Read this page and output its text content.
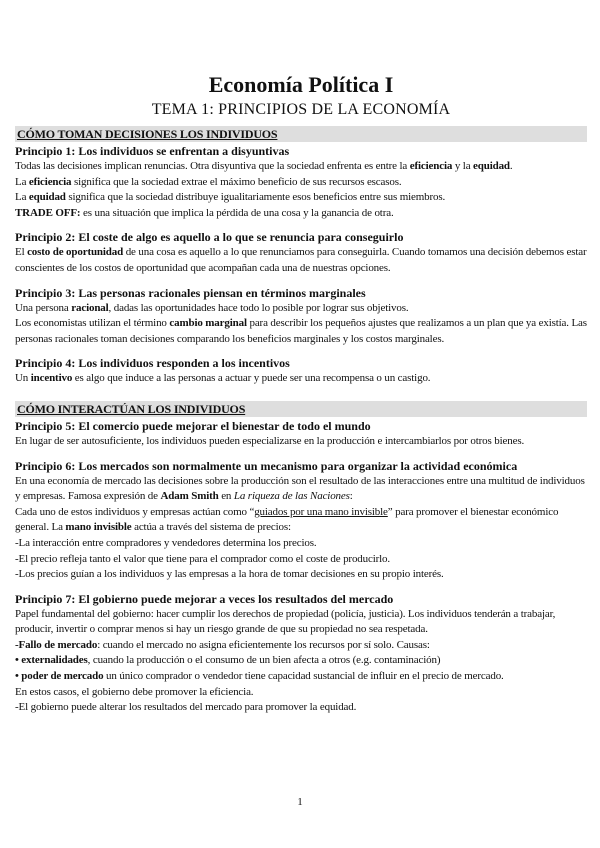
Economía Política I
TEMA 1: PRINCIPIOS DE LA ECONOMÍA
CÓMO TOMAN DECISIONES LOS INDIVIDUOS
Principio 1: Los individuos se enfrentan a disyuntivas

Todas las decisiones implican renuncias. Otra disyuntiva que la sociedad enfrenta es entre la eficiencia y la equidad.

La eficiencia significa que la sociedad extrae el máximo beneficio de sus recursos escasos.

La equidad significa que la sociedad distribuye igualitariamente esos beneficios entre sus miembros.

TRADE OFF: es una situación que implica la pérdida de una cosa y la ganancia de otra.

Principio 2: El coste de algo es aquello a lo que se renuncia para conseguirlo

El costo de oportunidad de una cosa es aquello a lo que renunciamos para conseguirla. Cuando tomamos una decisión debemos estar conscientes de los costos de oportunidad que acompañan cada una de nuestras opciones.

Principio 3: Las personas racionales piensan en términos marginales

Una persona racional, dadas las oportunidades hace todo lo posible por lograr sus objetivos.

Los economistas utilizan el término cambio marginal para describir los pequeños ajustes que realizamos a un plan que ya existía. Las personas racionales toman decisiones comparando los beneficios marginales y los costos marginales.

Principio 4: Los individuos responden a los incentivos

Un incentivo es algo que induce a las personas a actuar y puede ser una recompensa o un castigo.

CÓMO INTERACTÚAN LOS INDIVIDUOS
Principio 5: El comercio puede mejorar el bienestar de todo el mundo

En lugar de ser autosuficiente, los individuos pueden especializarse en la producción e intercambiarlos por otros bienes.

Principio 6: Los mercados son normalmente un mecanismo para organizar la actividad económica

En una economía de mercado las decisiones sobre la producción son el resultado de las interacciones entre una multitud de individuos y empresas. Famosa expresión de Adam Smith en La riqueza de las Naciones:

Cada uno de estos individuos y empresas actúan como “guiados por una mano invisible” para promover el bienestar económico general. La mano invisible actúa a través del sistema de precios:

-La interacción entre compradores y vendedores determina los precios.

-El precio refleja tanto el valor que tiene para el comprador como el coste de producirlo.

-Los precios guían a los individuos y las empresas a la hora de tomar decisiones en su propio interés.

Principio 7: El gobierno puede mejorar a veces los resultados del mercado

Papel fundamental del gobierno: hacer cumplir los derechos de propiedad (policía, justicia). Los individuos tenderán a trabajar, producir, invertir o comprar menos si hay un riesgo grande de que su propiedad no sea respetada.

-Fallo de mercado: cuando el mercado no asigna eficientemente los recursos por sí solo. Causas:

• externalidades, cuando la producción o el consumo de un bien afecta a otros (e.g. contaminación)

• poder de mercado un único comprador o vendedor tiene capacidad sustancial de influir en el precio de mercado.

En estos casos, el gobierno debe promover la eficiencia.

-El gobierno puede alterar los resultados del mercado para promover la equidad.

1
